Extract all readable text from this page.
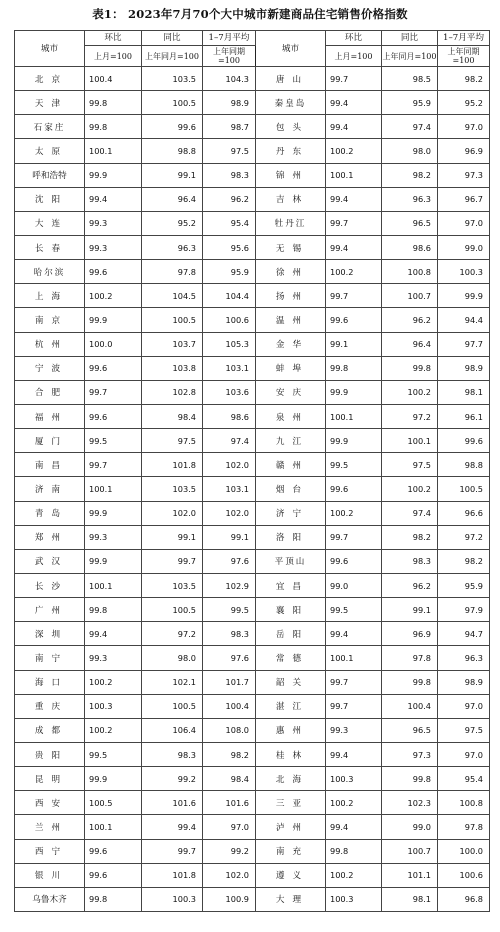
表1： 2023年7月70个大中城市新建商品住宅销售价格指数
城市	环比	同比	1–7月平均	城市	环比	同比	1–7月平均
	上月=100	上年同月=100	上年同期=100		上月=100	上年同月=100	上年同期=100
北京	100.4	103.5	104.3	唐山	99.7	98.5	98.2
天津	99.8	100.5	98.9	秦皇岛	99.4	95.9	95.2
石家庄	99.8	99.6	98.7	包头	99.4	97.4	97.0
太原	100.1	98.8	97.5	丹东	100.2	98.0	96.9
呼和浩特	99.9	99.1	98.3	锦州	100.1	98.2	97.3
沈阳	99.4	96.4	96.2	吉林	99.4	96.3	96.7
大连	99.3	95.2	95.4	牡丹江	99.7	96.5	97.0
长春	99.3	96.3	95.6	无锡	99.4	98.6	99.0
哈尔滨	99.6	97.8	95.9	徐州	100.2	100.8	100.3
上海	100.2	104.5	104.4	扬州	99.7	100.7	99.9
南京	99.9	100.5	100.6	温州	99.6	96.2	94.4
杭州	100.0	103.7	105.3	金华	99.1	96.4	97.7
宁波	99.6	103.8	103.1	蚌埠	99.8	99.8	98.9
合肥	99.7	102.8	103.6	安庆	99.9	100.2	98.1
福州	99.6	98.4	98.6	泉州	100.1	97.2	96.1
厦门	99.5	97.5	97.4	九江	99.9	100.1	99.6
南昌	99.7	101.8	102.0	赣州	99.5	97.5	98.8
济南	100.1	103.5	103.1	烟台	99.6	100.2	100.5
青岛	99.9	102.0	102.0	济宁	100.2	97.4	96.6
郑州	99.3	99.1	99.1	洛阳	99.7	98.2	97.2
武汉	99.9	99.7	97.6	平顶山	99.6	98.3	98.2
长沙	100.1	103.5	102.9	宜昌	99.0	96.2	95.9
广州	99.8	100.5	99.5	襄阳	99.5	99.1	97.9
深圳	99.4	97.2	98.3	岳阳	99.4	96.9	94.7
南宁	99.3	98.0	97.6	常德	100.1	97.8	96.3
海口	100.2	102.1	101.7	韶关	99.7	99.8	98.9
重庆	100.3	100.5	100.4	湛江	99.7	100.4	97.0
成都	100.2	106.4	108.0	惠州	99.3	96.5	97.5
贵阳	99.5	98.3	98.2	桂林	99.4	97.3	97.0
昆明	99.9	99.2	98.4	北海	100.3	99.8	95.4
西安	100.5	101.6	101.6	三亚	100.2	102.3	100.8
兰州	100.1	99.4	97.0	泸州	99.4	99.0	97.8
西宁	99.6	99.7	99.2	南充	99.8	100.7	100.0
银川	99.6	101.8	102.0	遵义	100.2	101.1	100.6
乌鲁木齐	99.8	100.3	100.9	大理	100.3	98.1	96.8
